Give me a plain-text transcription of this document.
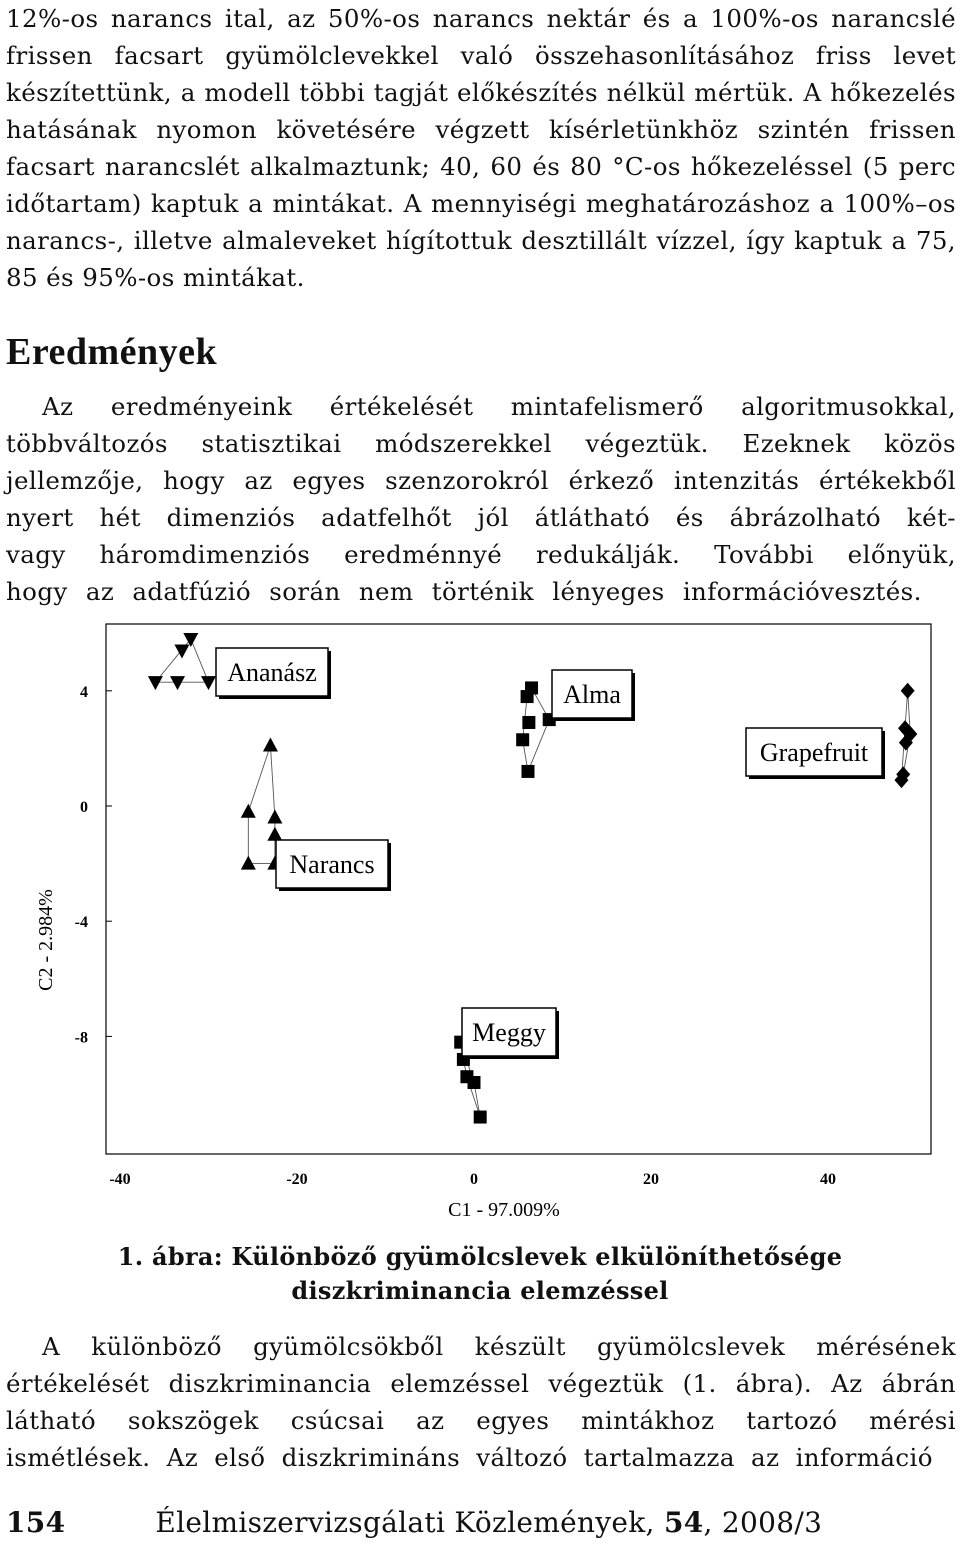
12%-os narancs ital, az 50%-os narancs nektár és a 100%-os narancslé frissen facsart gyümölclevekkel való összehasonlításához friss levet készítettünk, a modell többi tagját előkészítés nélkül mértük. A hőkezelés hatásának nyomon követésére végzett kísérletünkhöz szintén frissen facsart narancslét alkalmaztunk; 40, 60 és 80 °C-os hőkezeléssel (5 perc időtartam) kaptuk a mintákat. A mennyiségi meghatározáshoz a 100%–os narancs-, illetve almaleveket hígítottuk desztillált vízzel, így kaptuk a 75, 85 és 95%-os mintákat.

Eredmények

Az eredményeink értékelését mintafelismerő algoritmusokkal, többváltozós statisztikai módszerekkel végeztük. Ezeknek közös jellemzője, hogy az egyes szenzorokról érkező intenzitás értékekből nyert hét dimenziós adatfelhőt jól átlátható és ábrázolható két- vagy háromdimenziós eredménnyé redukálják. További előnyük, hogy az adatfúzió során nem történik lényeges információvesztés.

4
0
-4
-8
-40	-20	0	20	40
Ananász
Alma
Grapefruit
Narancs
Meggy
C1 - 97.009%
C2 - 2.984%
1. ábra: Különböző gyümölcslevek elkülöníthetősége
diszkriminancia elemzéssel

A különböző gyümölcsökből készült gyümölcslevek mérésének értékelését diszkriminancia elemzéssel végeztük (1. ábra). Az ábrán látható sokszögek csúcsai az egyes mintákhoz tartozó mérési ismétlések. Az első diszkrimináns változó tartalmazza az információ

154	Élelmiszervizsgálati Közlemények, 54, 2008/3
